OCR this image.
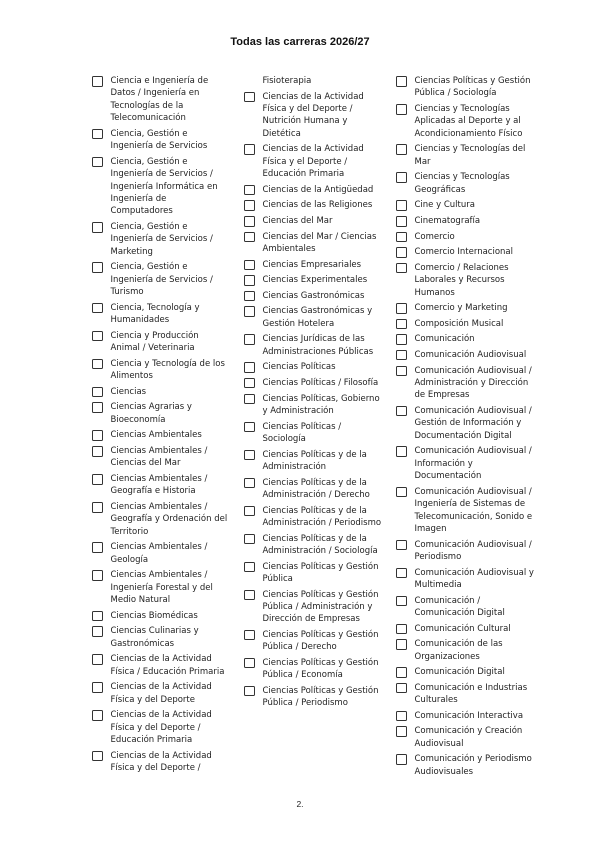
Todas las carreras 2026/27
Ciencia e Ingeniería de Datos / Ingeniería en Tecnologías de la Telecomunicación
Ciencia, Gestión e Ingeniería de Servicios
Ciencia, Gestión e Ingeniería de Servicios / Ingeniería Informática en Ingeniería de Computadores
Ciencia, Gestión e Ingeniería de Servicios / Marketing
Ciencia, Gestión e Ingeniería de Servicios / Turismo
Ciencia, Tecnología y Humanidades
Ciencia y Producción Animal / Veterinaria
Ciencia y Tecnología de los Alimentos
Ciencias
Ciencias Agrarias y Bioeconomía
Ciencias Ambientales
Ciencias Ambientales / Ciencias del Mar
Ciencias Ambientales / Geografía e Historia
Ciencias Ambientales / Geografía y Ordenación del Territorio
Ciencias Ambientales / Geología
Ciencias Ambientales / Ingeniería Forestal y del Medio Natural
Ciencias Biomédicas
Ciencias Culinarias y Gastronómicas
Ciencias de la Actividad Física / Educación Primaria
Ciencias de la Actividad Física y del Deporte
Ciencias de la Actividad Física y del Deporte / Educación Primaria
Ciencias de la Actividad Física y del Deporte /
Fisioterapia
Ciencias de la Actividad Física y del Deporte / Nutrición Humana y Dietética
Ciencias de la Actividad Física y el Deporte / Educación Primaria
Ciencias de la Antigüedad
Ciencias de las Religiones
Ciencias del Mar
Ciencias del Mar / Ciencias Ambientales
Ciencias Empresariales
Ciencias Experimentales
Ciencias Gastronómicas
Ciencias Gastronómicas y Gestión Hotelera
Ciencias Jurídicas de las Administraciones Públicas
Ciencias Políticas
Ciencias Políticas / Filosofía
Ciencias Políticas, Gobierno y Administración
Ciencias Políticas / Sociología
Ciencias Políticas y de la Administración
Ciencias Políticas y de la Administración / Derecho
Ciencias Políticas y de la Administración / Periodismo
Ciencias Políticas y de la Administración / Sociología
Ciencias Políticas y Gestión Pública
Ciencias Políticas y Gestión Pública / Administración y Dirección de Empresas
Ciencias Políticas y Gestión Pública / Derecho
Ciencias Políticas y Gestión Pública / Economía
Ciencias Políticas y Gestión Pública / Periodismo
Ciencias Políticas y Gestión Pública / Sociología
Ciencias y Tecnologías Aplicadas al Deporte y al Acondicionamiento Físico
Ciencias y Tecnologías del Mar
Ciencias y Tecnologías Geográficas
Cine y Cultura
Cinematografía
Comercio
Comercio Internacional
Comercio / Relaciones Laborales y Recursos Humanos
Comercio y Marketing
Composición Musical
Comunicación
Comunicación Audiovisual
Comunicación Audiovisual / Administración y Dirección de Empresas
Comunicación Audiovisual / Gestión de Información y Documentación Digital
Comunicación Audiovisual / Información y Documentación
Comunicación Audiovisual / Ingeniería de Sistemas de Telecomunicación, Sonido e Imagen
Comunicación Audiovisual / Periodismo
Comunicación Audiovisual y Multimedia
Comunicación / Comunicación Digital
Comunicación Cultural
Comunicación de las Organizaciones
Comunicación Digital
Comunicación e Industrias Culturales
Comunicación Interactiva
Comunicación y Creación Audiovisual
Comunicación y Periodismo Audiovisuales
2.
